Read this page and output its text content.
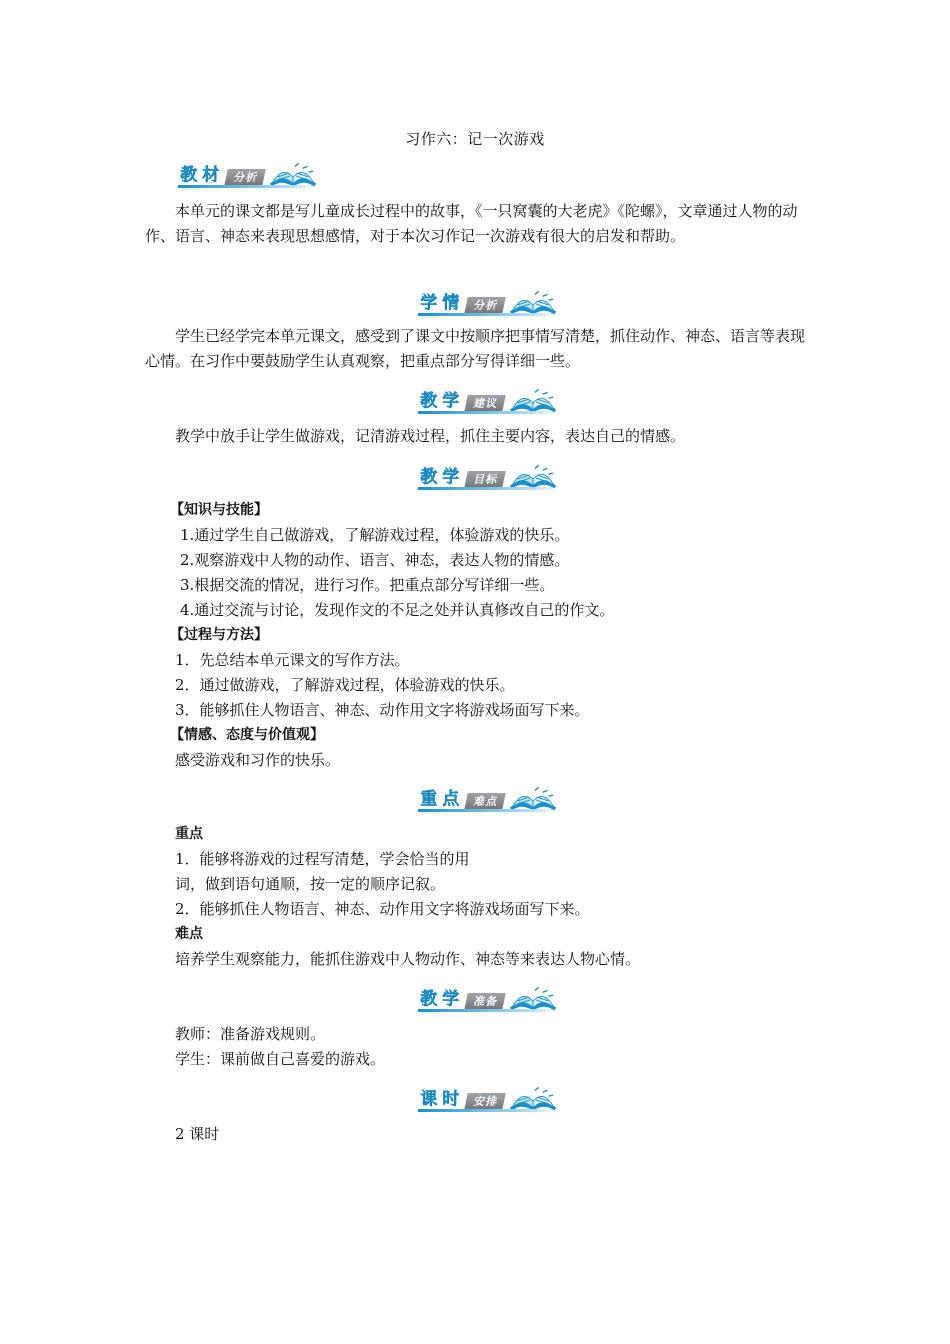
习作六：记一次游戏
教材 分析
本单元的课文都是写儿童成长过程中的故事，《一只窝囊的大老虎》《陀螺》，文章通过人物的动作、语言、神态来表现思想感情，对于本次习作记一次游戏有很大的启发和帮助。
学情 分析
学生已经学完本单元课文，感受到了课文中按顺序把事情写清楚，抓住动作、神态、语言等表现心情。在习作中要鼓励学生认真观察，把重点部分写得详细一些。
教学 建议
教学中放手让学生做游戏，记清游戏过程，抓住主要内容，表达自己的情感。
教学 目标
【知识与技能】
1.通过学生自己做游戏，了解游戏过程，体验游戏的快乐。
2.观察游戏中人物的动作、语言、神态，表达人物的情感。
3.根据交流的情况，进行习作。把重点部分写详细一些。
4.通过交流与讨论，发现作文的不足之处并认真修改自己的作文。
【过程与方法】
1．先总结本单元课文的写作方法。
2．通过做游戏，了解游戏过程，体验游戏的快乐。
3．能够抓住人物语言、神态、动作用文字将游戏场面写下来。
【情感、态度与价值观】
感受游戏和习作的快乐。
重点 难点
重点
1．能够将游戏的过程写清楚，学会恰当的用
词，做到语句通顺，按一定的顺序记叙。
2．能够抓住人物语言、神态、动作用文字将游戏场面写下来。
难点
培养学生观察能力，能抓住游戏中人物动作、神态等来表达人物心情。
教学 准备
教师：准备游戏规则。
学生：课前做自己喜爱的游戏。
课时 安排
2 课时
